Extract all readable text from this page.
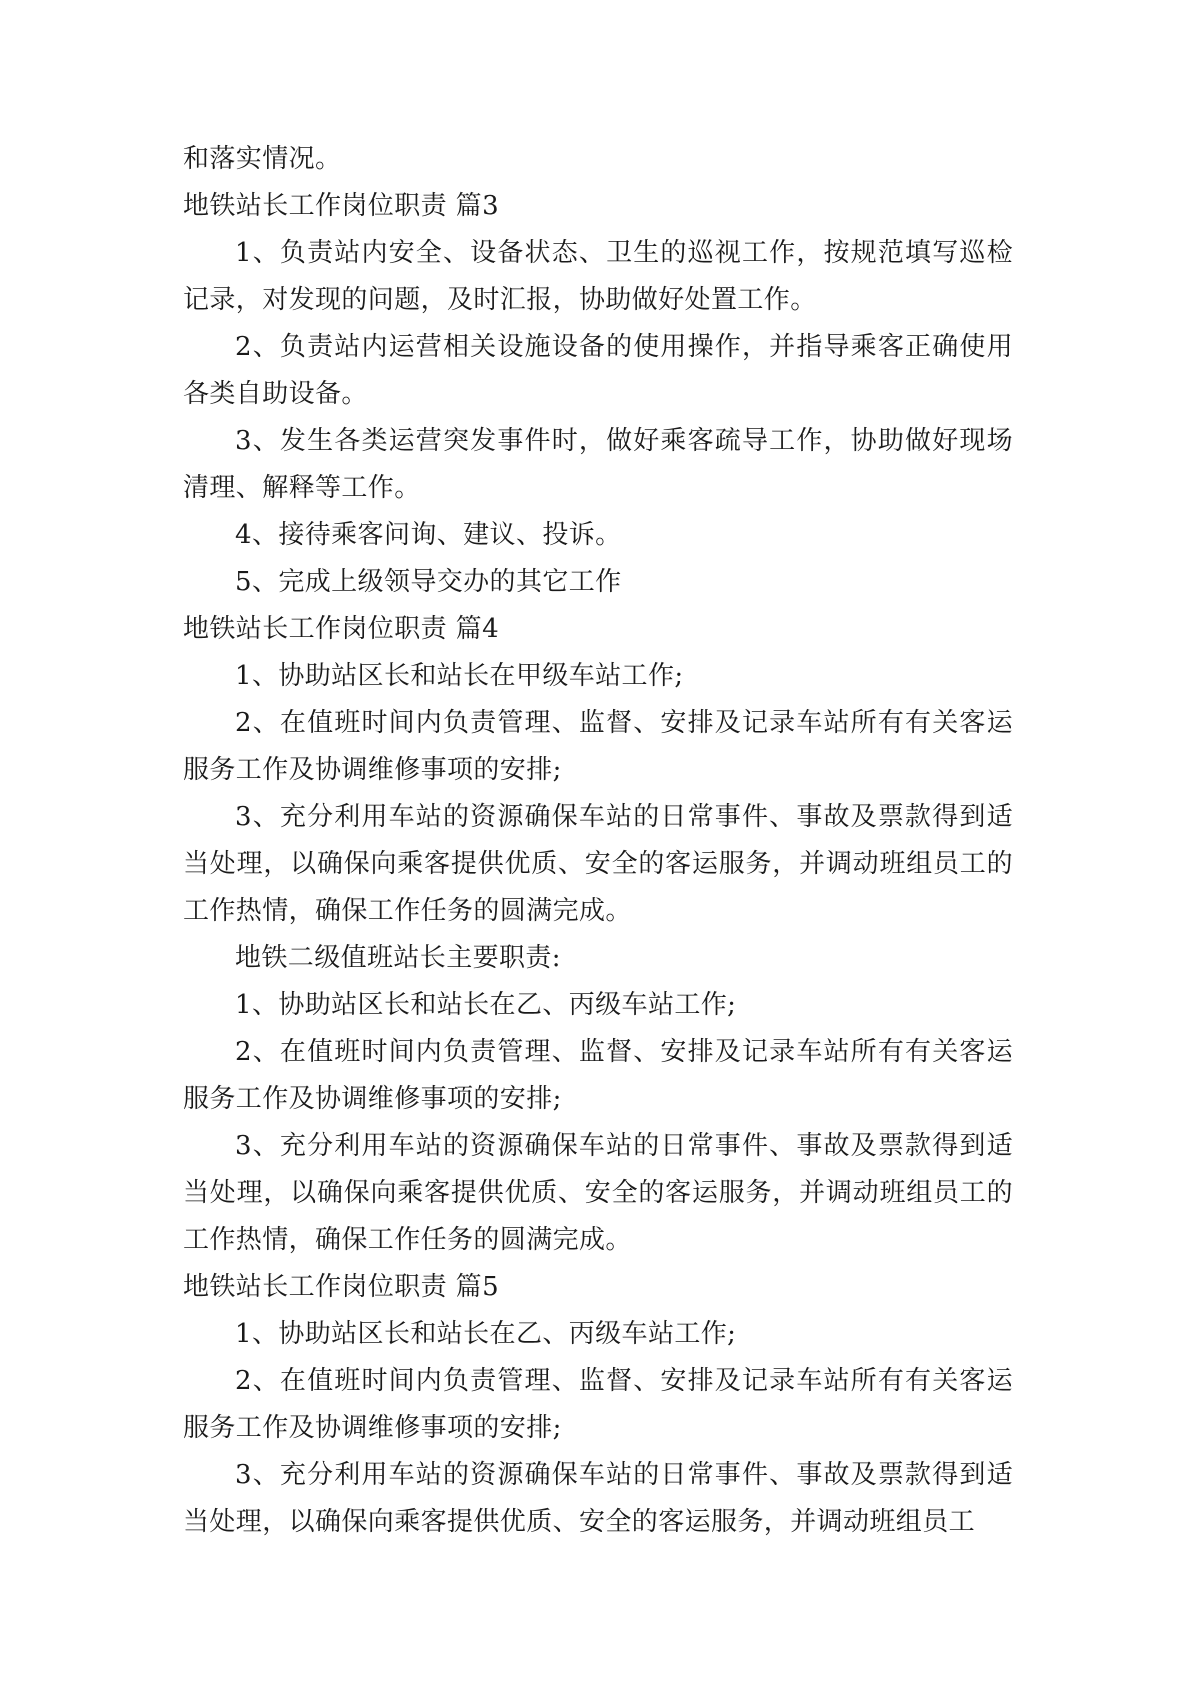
和落实情况。

地铁站长工作岗位职责 篇3

1、负责站内安全、设备状态、卫生的巡视工作，按规范填写巡检记录，对发现的问题，及时汇报，协助做好处置工作。

2、负责站内运营相关设施设备的使用操作，并指导乘客正确使用各类自助设备。

3、发生各类运营突发事件时，做好乘客疏导工作，协助做好现场清理、解释等工作。

4、接待乘客问询、建议、投诉。

5、完成上级领导交办的其它工作

地铁站长工作岗位职责 篇4

1、协助站区长和站长在甲级车站工作;

2、在值班时间内负责管理、监督、安排及记录车站所有有关客运服务工作及协调维修事项的安排;

3、充分利用车站的资源确保车站的日常事件、事故及票款得到适当处理，以确保向乘客提供优质、安全的客运服务，并调动班组员工的工作热情，确保工作任务的圆满完成。

地铁二级值班站长主要职责:

1、协助站区长和站长在乙、丙级车站工作;

2、在值班时间内负责管理、监督、安排及记录车站所有有关客运服务工作及协调维修事项的安排;

3、充分利用车站的资源确保车站的日常事件、事故及票款得到适当处理，以确保向乘客提供优质、安全的客运服务，并调动班组员工的工作热情，确保工作任务的圆满完成。

地铁站长工作岗位职责 篇5

1、协助站区长和站长在乙、丙级车站工作;

2、在值班时间内负责管理、监督、安排及记录车站所有有关客运服务工作及协调维修事项的安排;

3、充分利用车站的资源确保车站的日常事件、事故及票款得到适当处理，以确保向乘客提供优质、安全的客运服务，并调动班组员工
